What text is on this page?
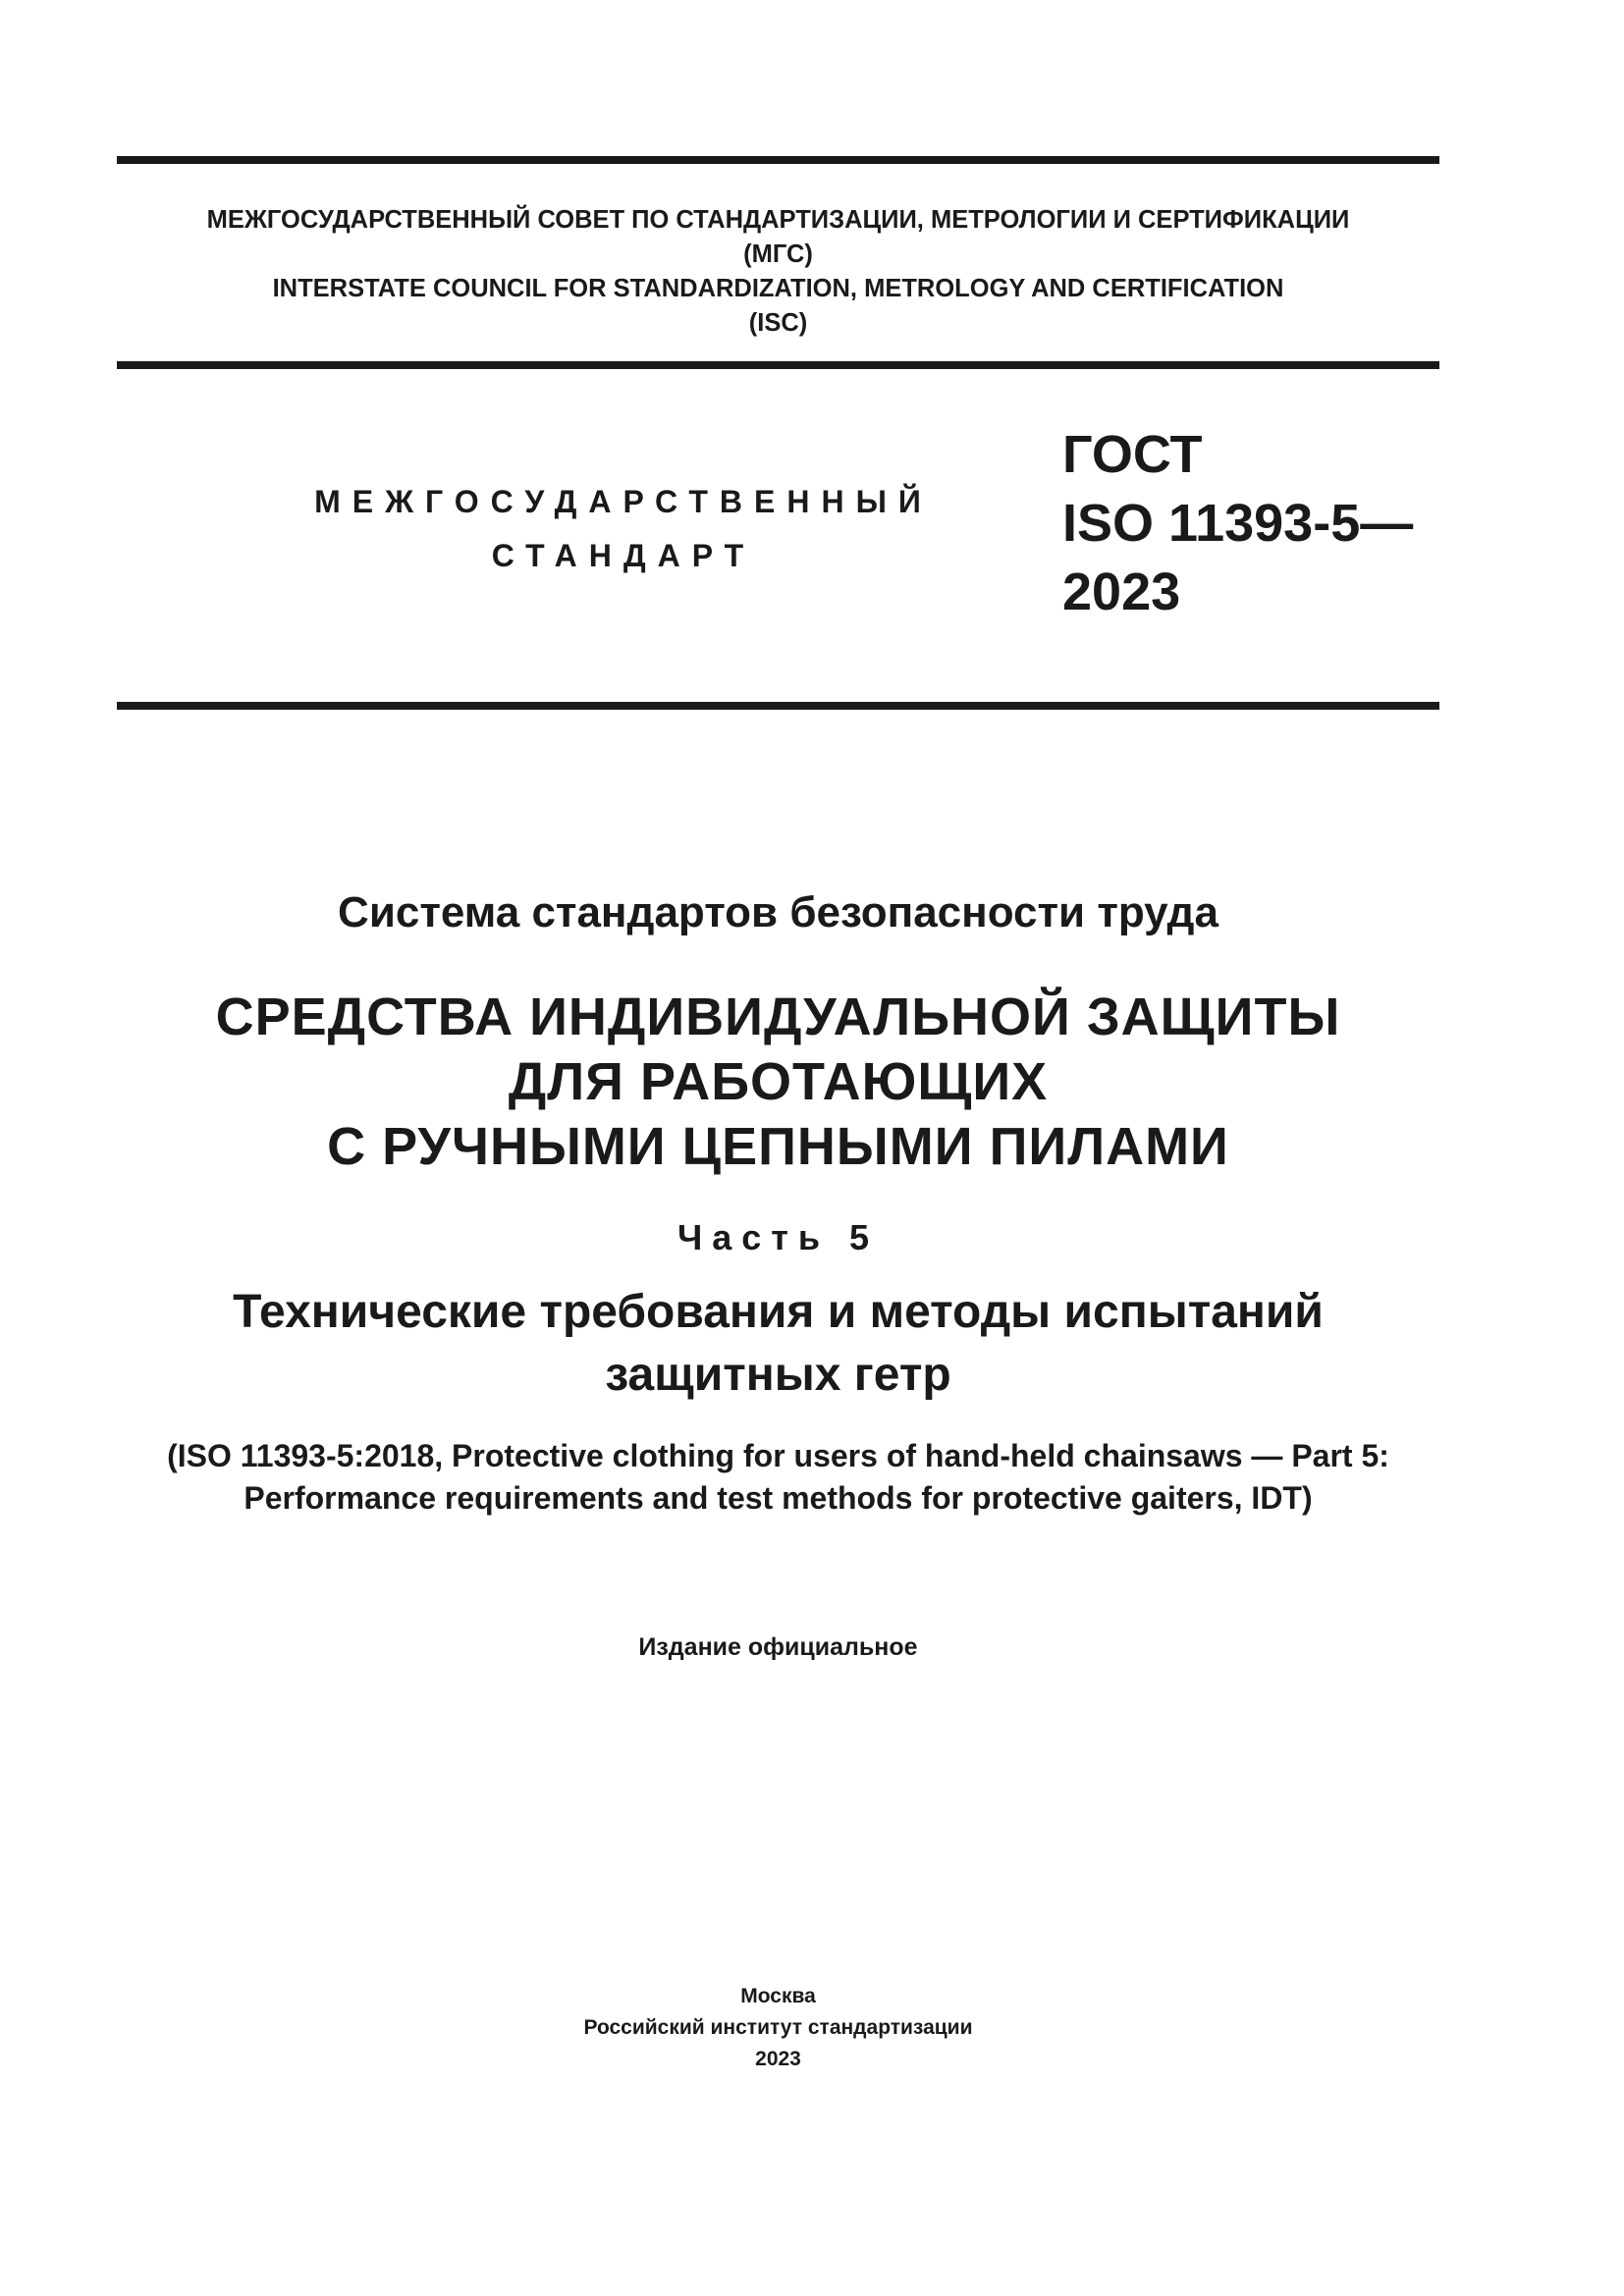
МЕЖГОСУДАРСТВЕННЫЙ СОВЕТ ПО СТАНДАРТИЗАЦИИ, МЕТРОЛОГИИ И СЕРТИФИКАЦИИ
(МГС)
INTERSTATE COUNCIL FOR STANDARDIZATION, METROLOGY AND CERTIFICATION
(ISC)
МЕЖГОСУДАРСТВЕННЫЙ
СТАНДАРТ
ГОСТ
ISO 11393-5—
2023
Система стандартов безопасности труда
СРЕДСТВА ИНДИВИДУАЛЬНОЙ ЗАЩИТЫ
ДЛЯ РАБОТАЮЩИХ
С РУЧНЫМИ ЦЕПНЫМИ ПИЛАМИ
Часть 5
Технические требования и методы испытаний
защитных гетр
(ISO 11393-5:2018, Protective clothing for users of hand-held chainsaws — Part 5:
Performance requirements and test methods for protective gaiters, IDT)
Издание официальное
Москва
Российский институт стандартизации
2023
